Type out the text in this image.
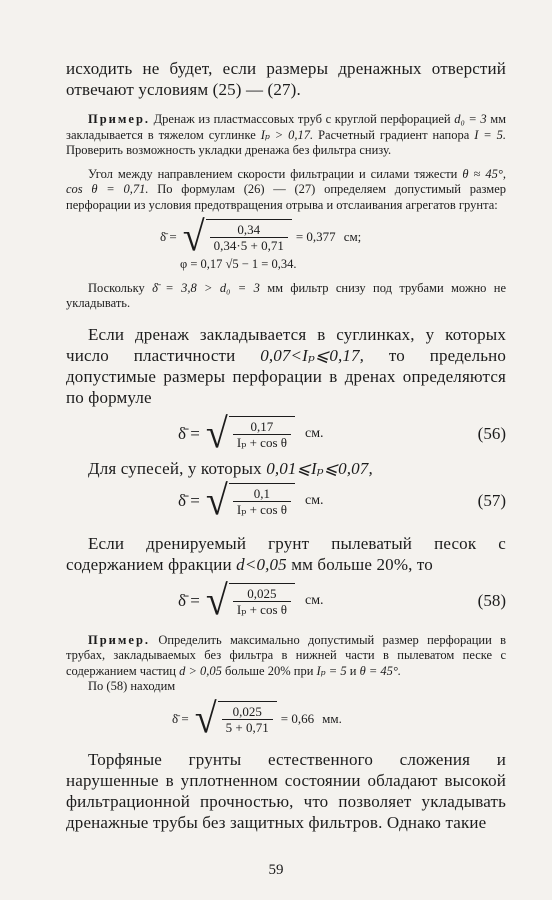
исходить не будет, если размеры дренажных отверстий отвечают условиям (25) — (27).

Пример. Дренаж из пластмассовых труб с круглой перфорацией d₀ = 3 мм закладывается в тяжелом суглинке Iₚ > 0,17. Расчетный градиент напора I = 5. Проверить возможность укладки дренажа без фильтра снизу.

Угол между направлением скорости фильтрации и силами тяжести θ ≈ 45°, cos θ = 0,71. По формулам (26) — (27) определяем допустимый размер перфорации из условия предотвращения отрыва и отслаивания агрегатов грунта:

δ̄ = √ $\frac{0,34}{0,34\cdot 5 + 0,71} = 0,377$ см;

φ = 0,17 √5 − 1 = 0,34.

Поскольку δ̄ = 3,8 > d₀ = 3 мм фильтр снизу под трубами можно не укладывать.

Если дренаж закладывается в суглинках, у которых число пластичности 0,07<Iₚ⩽0,17, то предельно допустимые размеры перфорации в дренах определяются по формуле

δ̄ = √ $\frac{0,17}{\text{Iₚ + cos θ}}$ см.	(56)

Для супесей, у которых 0,01⩽Iₚ⩽0,07,

δ̄ = √ $\frac{0,1}{\text{Iₚ + cos θ}}$ см.	(57)

Если дренируемый грунт пылеватый песок с содержанием фракции d<0,05 мм больше 20%, то

δ̄ = √ $\frac{0,025}{\text{Iₚ + cos θ}}$ см.	(58)

Пример. Определить максимально допустимый размер перфорации в трубах, закладываемых без фильтра в нижней части в пылеватом песке с содержанием частиц d > 0,05 больше 20% при Iₚ = 5 и θ = 45°.

По (58) находим

δ̄ = √ $\frac{0,025}{5 + 0,71} = 0,66$ мм.

Торфяные грунты естественного сложения и нарушенные в уплотненном состоянии обладают высокой фильтрационной прочностью, что позволяет укладывать дренажные трубы без защитных фильтров. Однако такие

59
